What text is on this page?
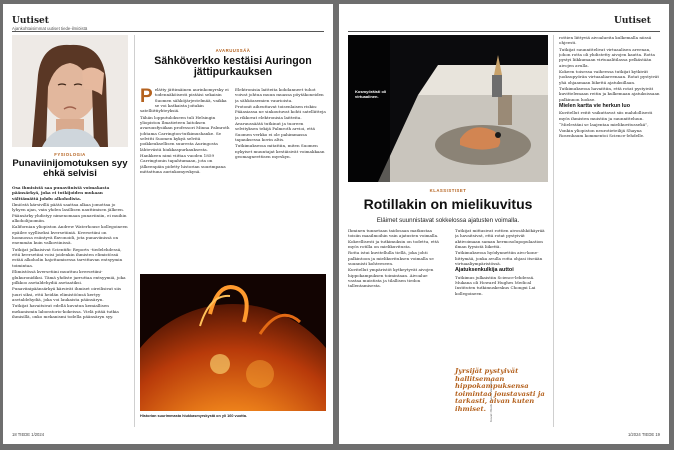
Uutiset
Ajankohtaisimmat uutiset tiede-ilmiöistä
FYSIOLOGIA
Punaviinijomotuksen syy ehkä selvisi

Osa ihmisistä saa punaviinistä voimakasta päänsärkyä, joka ei tutkijoiden mukaan välttämättä johdu alkoholista.

Ilmiöstä kärsivillä päätä saattaa alkaa jomottaa jo lyhyen ajan, vain yhden lasillisen nauttimisen jälkeen. Päänsärky yhdistyy nimenomaan punaviiniin, ei muihin alkoholijuomiin.

Kalifornian yliopiston Andrew Waterhouse kollegoineen epäilee syylliseksi kversetiiniä. Kversetiini on luonnossa esiintyvä flavonoidi, jota punaviinissä on enemmän kuin valkoviinissä.

Tutkijat julkaisivat Scientific Reports -tiedelehdessä, että kversetiini voisi joidenkin ihmisten elimistössä estää alkoholin hajottamisessa tarvittavan entsyymin toimintaa.

Elimistössä kversetiini muuttuu kversetiini-glukuronidiksi. Tämä yhdiste jarruttaa entsyymiä, joka pilkkoo asetaldehydiä asetaatiksi.

Punaviinipäänsärkyä kärsivät ihmiset oireilisivat siis juuri siksi, että heidän elimistöönsä kertyy asetaldehydiä, joka voi laukaista päänsäryn.

Tutkijat havaitsivat edellä kuvatun kemiallisen mekanismin laboratorio-kokeissa. Vielä pitää tutkia ihmisillä, onko mekanismi todella päänsäryn syy.

AVARUUSSÄÄ
Sähköverkko kestäisi Auringon jättipurkauksen
P elätty jättimäinen aurinkomyrsky ei todennäköisesti pistäisi sekaisin Suomen sähköjärjestelmää, vaikka se voi katkaista joitakin satelliittiyhteyksiä.

Tähän lopputulokseen tuli Helsingin yliopiston Ilmatieteen laitoksen avaruusfysiikan professori Minna Palmroth johtama Carrington-tutkimushanke. Se selvitti Suomen kykyä selvitä poikkeuksellisen suuresta Auringosta lähtevästä hiukkaspurkauksesta.

Hankkeen nimi viittaa vuoden 1859 Carringtonin tapahtumaan, jota on jälkeenpäin pidetty historian suurimpana mittattuna aurinkomyrskynä.

Elektronisia laitteita kohdanneet tuhot voivat johtua muun muassa pöytäkoneiden ja sähköasemien vaurioista.

Protonit aiheuttavat toisenlaisen riskin: Pääasiassa ne sinkoutuvat kohti satelliitteja ja rikkovat elektronisia laitteita.

Avaruussäätä tutkinut ja tuoreen selvityksen tekijä Palmroth arvioi, että Suomen verkko ei ole pahimmassa tapauksessa kovin altis.

Tutkimuksessa mitattiin, miten Suomen nykyiset muuntajat kestäisivät voimakkaan geomagneettisen myrskyn.

Historian suurimmasta hiukkasmyrskystä on yli 160 vuotta.
18 TIEDE 1/2024
Uutiset
Kosmyöräisti oli virtuaalinen.
Kuvat: iStock / Laura Vanhatalo
KLASSISTISET
Rotillakin on mielikuvitus
Eläimet suunnistavat sokkelossa ajatusten voimalla.

Ihminen tunnetaan taidosaan matkustaa toisiin maailmoihin vain ajatusten voimalla. Kokeellisesti ja tutkimuksin on todettu, että myös rotilla on mielikuvitusta.

Rotta istui kuvitellulla tiellä, joka johti palkintoon ja mielikuvituksen voimalla se suunnisti kohteeseen.

Kuvitellut ympäristöt kytkeytyvät aivojen hippokampuksen toimintaan. Aivoalue vastaa muistista ja tilallisen tiedon tallentamisesta.

Tutkijat mittasivat rottien aivosähkökäyrää ja havaitsivat, että rotat pystyivät aktivoimaan saman hermosolupopulaation ilman fyysistä liikettä.

Tutkimuksessa hyödynnettiin aivo-kone-liittymää, jonka avulla rotta ohjasi itseään virtuaaliympäristössä.

Ajatuksenkulkija auttoi

Tutkimus julkaistiin Science-lehdessä. Mukana oli Howard Hughes Medical Instituten tutkimuskeskus Chongxi Lai kollegoineen.

Jyrsijät pystyivät hallitsemaan hippokampuksensa toimintaa joustavasti ja tarkasti, aivan kuten ihmiset.

rottien liittyviä aivoalueita kulkemalla niissä ohjeesti.

Tutkijat suunnittelivat virtuaalisen areenan, johon rotta oli yhdistetty aivojen kautta. Rotta pystyi liikkumaan virtuaalitilassa pelkästään aivojen avulla.

Kokeen toisessa vaiheessa tutkijat kytkivät juoksupyörän virtuaaliareenaan. Rotat pystyivät yhä ohjaamaan liikettä ajatuksillaan.

Tutkimuksessa havaittiin, että rotat pystyivät kuvittelemaan reitin ja kulkemaan ajatuksissaan palkinnon luokse.

Mielen kartta vie herkun luo

Kuvitellut reitit vaikuttavat siis mahdollisesti myös ihmisten muistiin ja suunnitteluun.

“Mielestäni se laajentaa mielikuvitussekä”, Vonkin yliopiston neurotieteilijä Shayna Rosenbaum kommentoi Science-lehdelle.

1/2024 TIEDE 19
